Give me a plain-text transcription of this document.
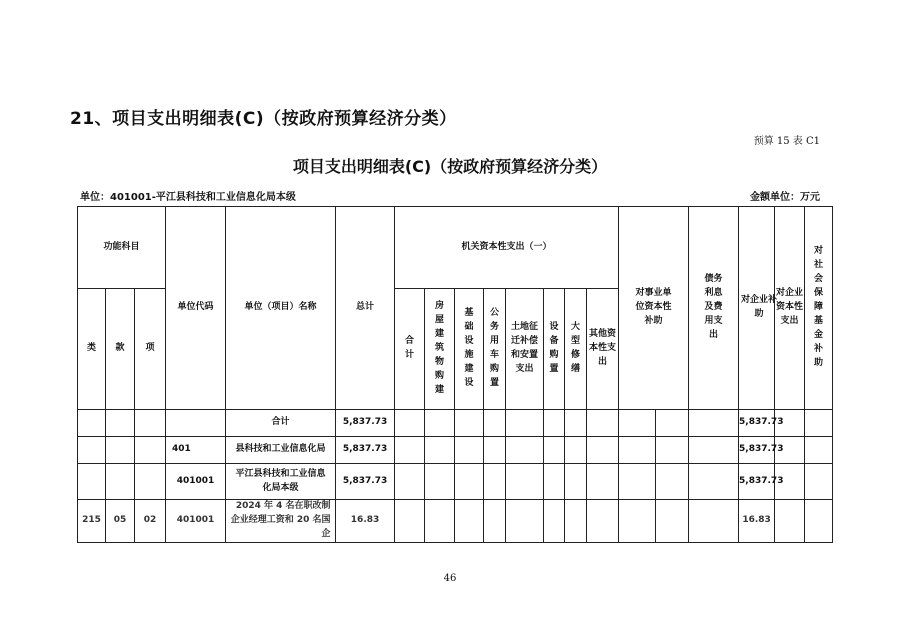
21、项目支出明细表(C)（按政府预算经济分类）
预算 15 表 C1
项目支出明细表(C)（按政府预算经济分类）
单位：401001-平江县科技和工业信息化局本级	金额单位：万元
功能科目			单位代码	单位（项目）名称	总计	机关资本性支出（一）								对事业单位资本性补助		债务利息及费用支出	对企业补助	对企业资本性支出	对社会保障基金补助

类	款	项				合计	房屋建筑物购建	基础设施建设	公务用车购置	土地征迁补偿和安置支出	设备购置	大型修缮	其他资本性支出							

				合计	5,837.73												5,837.73			
			401	县科技和工业信息化局	5,837.73												5,837.73			
			401001	平江县科技和工业信息化局本级	5,837.73												5,837.73			
215	05	02	401001	2024 年 4 名在职改制企业经理工资和 20 名国企	16.83												16.83			
46
